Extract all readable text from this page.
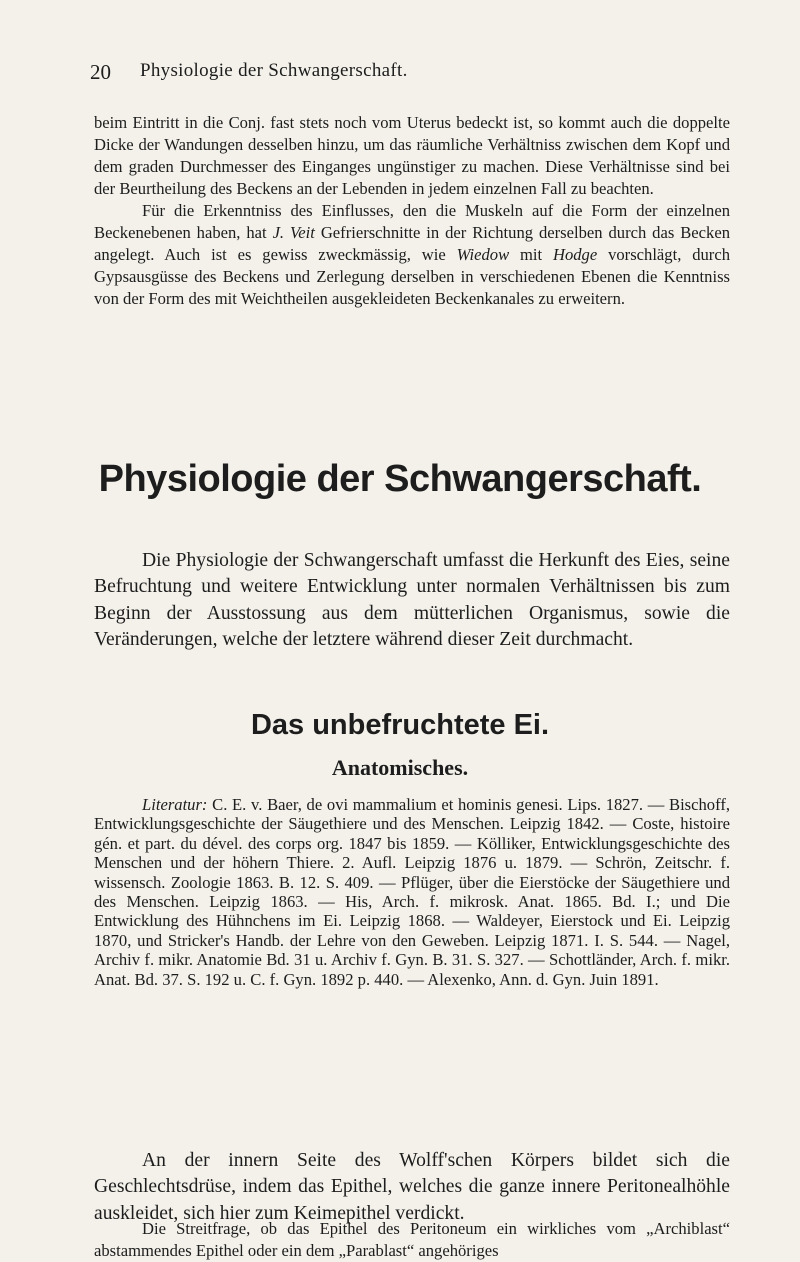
20 Physiologie der Schwangerschaft.

beim Eintritt in die Conj. fast stets noch vom Uterus bedeckt ist, so kommt auch die doppelte Dicke der Wandungen desselben hinzu, um das räumliche Verhältniss zwischen dem Kopf und dem graden Durchmesser des Einganges ungünstiger zu machen. Diese Verhältnisse sind bei der Beurtheilung des Beckens an der Lebenden in jedem einzelnen Fall zu beachten.

Für die Erkenntniss des Einflusses, den die Muskeln auf die Form der einzelnen Beckenebenen haben, hat J. Veit Gefrierschnitte in der Richtung derselben durch das Becken angelegt. Auch ist es gewiss zweckmässig, wie Wiedow mit Hodge vorschlägt, durch Gypsausgüsse des Beckens und Zerlegung derselben in verschiedenen Ebenen die Kenntniss von der Form des mit Weichtheilen ausgekleideten Beckenkanales zu erweitern.

Physiologie der Schwangerschaft.

Die Physiologie der Schwangerschaft umfasst die Herkunft des Eies, seine Befruchtung und weitere Entwicklung unter normalen Verhältnissen bis zum Beginn der Ausstossung aus dem mütterlichen Organismus, sowie die Veränderungen, welche der letztere während dieser Zeit durchmacht.

Das unbefruchtete Ei.
Anatomisches.

Literatur: C. E. v. Baer, de ovi mammalium et hominis genesi. Lips. 1827. — Bischoff, Entwicklungsgeschichte der Säugethiere und des Menschen. Leipzig 1842. — Coste, histoire gén. et part. du dével. des corps org. 1847 bis 1859. — Kölliker, Entwicklungsgeschichte des Menschen und der höhern Thiere. 2. Aufl. Leipzig 1876 u. 1879. — Schrön, Zeitschr. f. wissensch. Zoologie 1863. B. 12. S. 409. — Pflüger, über die Eierstöcke der Säugethiere und des Menschen. Leipzig 1863. — His, Arch. f. mikrosk. Anat. 1865. Bd. I.; und Die Entwicklung des Hühnchens im Ei. Leipzig 1868. — Waldeyer, Eierstock und Ei. Leipzig 1870, und Stricker's Handb. der Lehre von den Geweben. Leipzig 1871. I. S. 544. — Nagel, Archiv f. mikr. Anatomie Bd. 31 u. Archiv f. Gyn. B. 31. S. 327. — Schottländer, Arch. f. mikr. Anat. Bd. 37. S. 192 u. C. f. Gyn. 1892 p. 440. — Alexenko, Ann. d. Gyn. Juin 1891.

An der innern Seite des Wolff'schen Körpers bildet sich die Geschlechtsdrüse, indem das Epithel, welches die ganze innere Peritonealhöhle auskleidet, sich hier zum Keimepithel verdickt.

Die Streitfrage, ob das Epithel des Peritoneum ein wirkliches vom „Archiblast“ abstammendes Epithel oder ein dem „Parablast“ angehöriges
